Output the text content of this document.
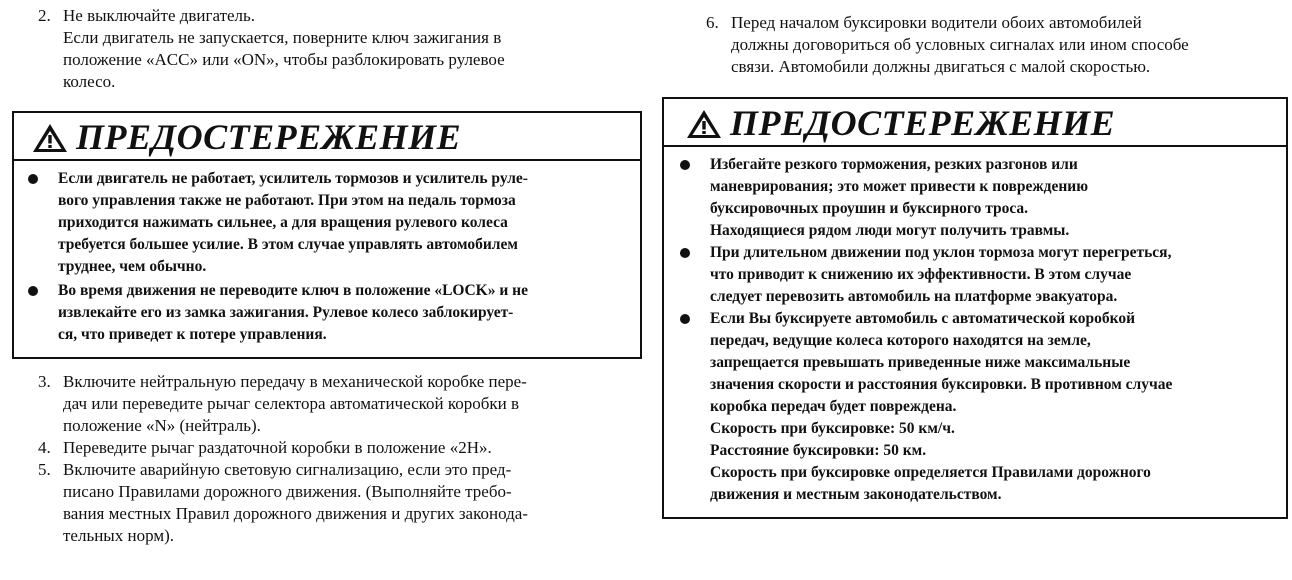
2. Не выключайте двигатель.
Если двигатель не запускается, поверните ключ зажигания в
положение «ACC» или «ON», чтобы разблокировать рулевое
колесо.
ПРЕДОСТЕРЕЖЕНИЕ
Если двигатель не работает, усилитель тормозов и усилитель руле-
вого управления также не работают. При этом на педаль тормоза
приходится нажимать сильнее, а для вращения рулевого колеса
требуется большее усилие. В этом случае управлять автомобилем
труднее, чем обычно.
Во время движения не переводите ключ в положение «LOCK» и не
извлекайте его из замка зажигания. Рулевое колесо заблокирует-
ся, что приведет к потере управления.
3. Включите нейтральную передачу в механической коробке пере-
дач или переведите рычаг селектора автоматической коробки в
положение «N» (нейтраль).
4. Переведите рычаг раздаточной коробки в положение «2H».
5. Включите аварийную световую сигнализацию, если это пред-
писано Правилами дорожного движения. (Выполняйте требо-
вания местных Правил дорожного движения и других законода-
тельных норм).
6. Перед началом буксировки водители обоих автомобилей
должны договориться об условных сигналах или ином способе
связи. Автомобили должны двигаться с малой скоростью.
ПРЕДОСТЕРЕЖЕНИЕ
Избегайте резкого торможения, резких разгонов или
маневрирования; это может привести к повреждению
буксировочных проушин и буксирного троса.
Находящиеся рядом люди могут получить травмы.
При длительном движении под уклон тормоза могут перегреться,
что приводит к снижению их эффективности. В этом случае
следует перевозить автомобиль на платформе эвакуатора.
Если Вы буксируете автомобиль с автоматической коробкой
передач, ведущие колеса которого находятся на земле,
запрещается превышать приведенные ниже максимальные
значения скорости и расстояния буксировки. В противном случае
коробка передач будет повреждена.
Скорость при буксировке: 50 км/ч.
Расстояние буксировки: 50 км.
Скорость при буксировке определяется Правилами дорожного
движения и местным законодательством.
